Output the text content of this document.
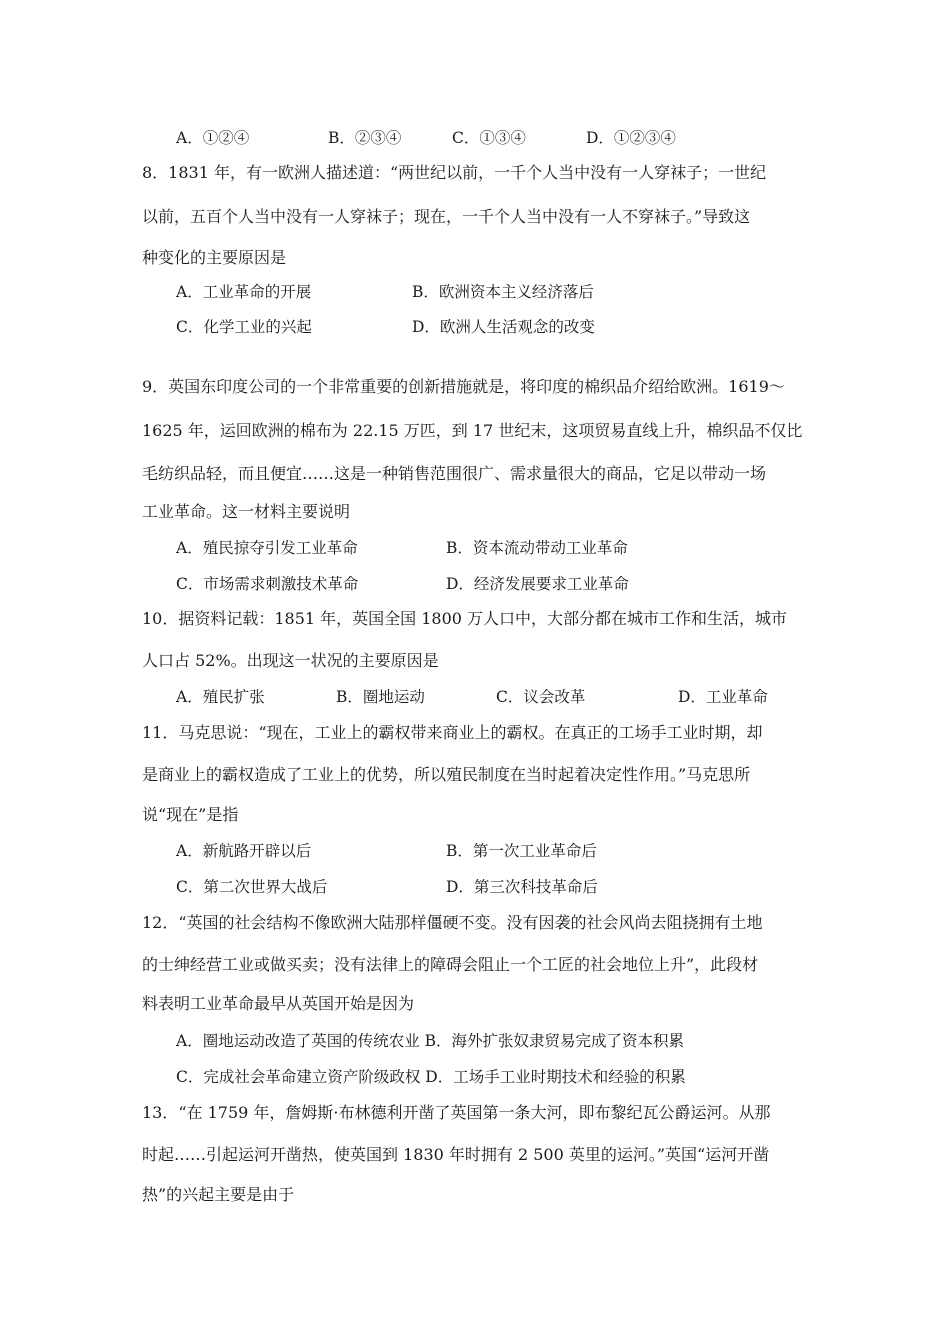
A．①②④	B．②③④	C．①③④	D．①②③④
8．1831 年，有一欧洲人描述道：“两世纪以前，一千个人当中没有一人穿袜子；一世纪
以前，五百个人当中没有一人穿袜子；现在，一千个人当中没有一人不穿袜子。”导致这
种变化的主要原因是
A．工业革命的开展	B．欧洲资本主义经济落后
C．化学工业的兴起	D．欧洲人生活观念的改变
9．英国东印度公司的一个非常重要的创新措施就是，将印度的棉织品介绍给欧洲。1619～
1625 年，运回欧洲的棉布为 22.15 万匹，到 17 世纪末，这项贸易直线上升，棉织品不仅比
毛纺织品轻，而且便宜……这是一种销售范围很广、需求量很大的商品，它足以带动一场
工业革命。这一材料主要说明
A．殖民掠夺引发工业革命	B．资本流动带动工业革命
C．市场需求刺激技术革命	D．经济发展要求工业革命
10．据资料记载：1851 年，英国全国 1800 万人口中，大部分都在城市工作和生活，城市
人口占 52%。出现这一状况的主要原因是
A．殖民扩张	B．圈地运动	C．议会改革	D．工业革命
11．马克思说：“现在，工业上的霸权带来商业上的霸权。在真正的工场手工业时期，却
是商业上的霸权造成了工业上的优势，所以殖民制度在当时起着决定性作用。”马克思所
说“现在”是指
A．新航路开辟以后	B．第一次工业革命后
C．第二次世界大战后	D．第三次科技革命后
12．“英国的社会结构不像欧洲大陆那样僵硬不变。没有因袭的社会风尚去阻挠拥有土地
的士绅经营工业或做买卖；没有法律上的障碍会阻止一个工匠的社会地位上升”，此段材
料表明工业革命最早从英国开始是因为
A．圈地运动改造了英国的传统农业 B．海外扩张奴隶贸易完成了资本积累
C．完成社会革命建立资产阶级政权 D．工场手工业时期技术和经验的积累
13．“在 1759 年，詹姆斯·布林德利开凿了英国第一条大河，即布黎纪瓦公爵运河。从那
时起……引起运河开凿热，使英国到 1830 年时拥有 2 500 英里的运河。”英国“运河开凿
热”的兴起主要是由于
